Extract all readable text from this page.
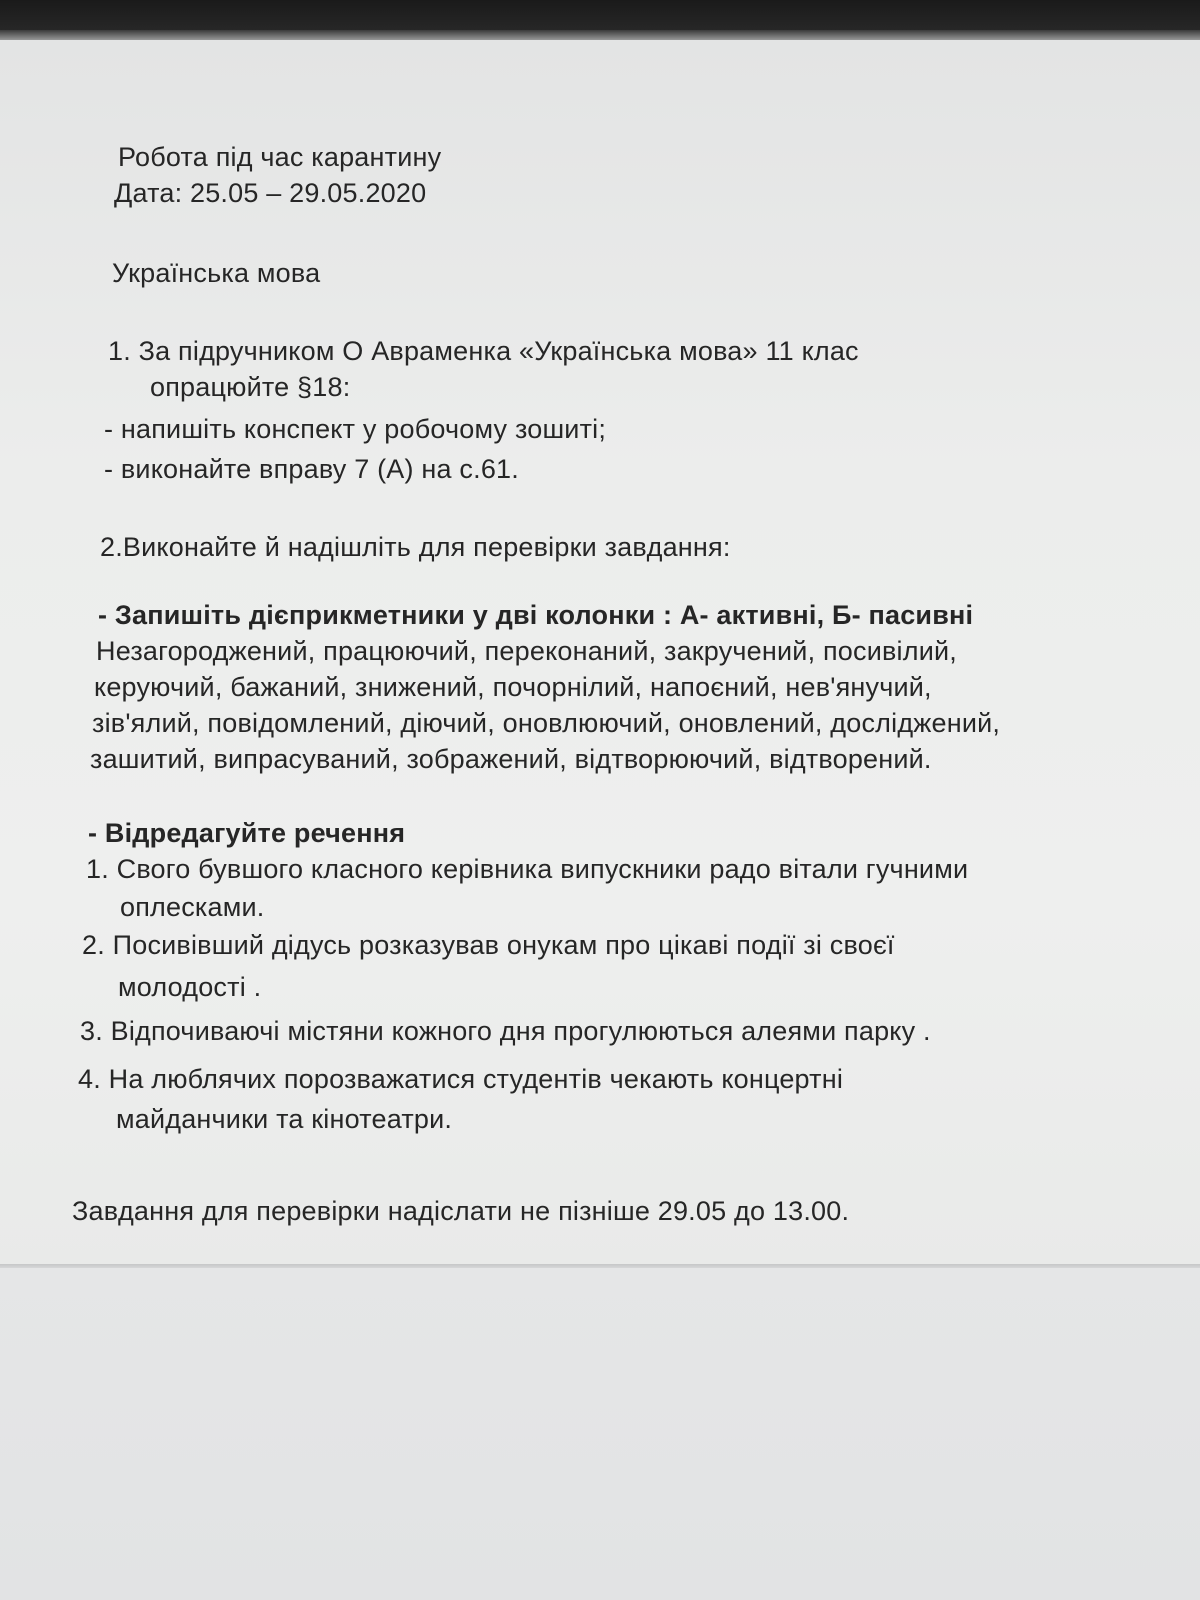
Робота під час карантину
Дата: 25.05 – 29.05.2020
Українська мова
1. За підручником О Авраменка «Українська мова» 11 клас
опрацюйте §18:
- напишіть конспект у робочому зошиті;
- виконайте вправу 7 (А) на с.61.
2.Виконайте й надішліть для перевірки завдання:
- Запишіть дієприкметники у дві колонки : А- активні, Б- пасивні
Незагороджений, працюючий, переконаний, закручений, посивілий,
керуючий, бажаний, знижений, почорнілий, напоєний, нев'янучий,
зів'ялий, повідомлений, діючий, оновлюючий, оновлений, досліджений,
зашитий, випрасуваний, зображений, відтворюючий, відтворений.
- Відредагуйте речення
1. Свого бувшого класного керівника випускники радо вітали гучними
оплесками.
2. Посивівший дідусь розказував онукам про цікаві події зі своєї
молодості .
3. Відпочиваючі містяни кожного дня прогулюються алеями парку .
4. На люблячих порозважатися студентів чекають концертні
майданчики та кінотеатри.
Завдання для перевірки надіслати не пізніше 29.05 до 13.00.
